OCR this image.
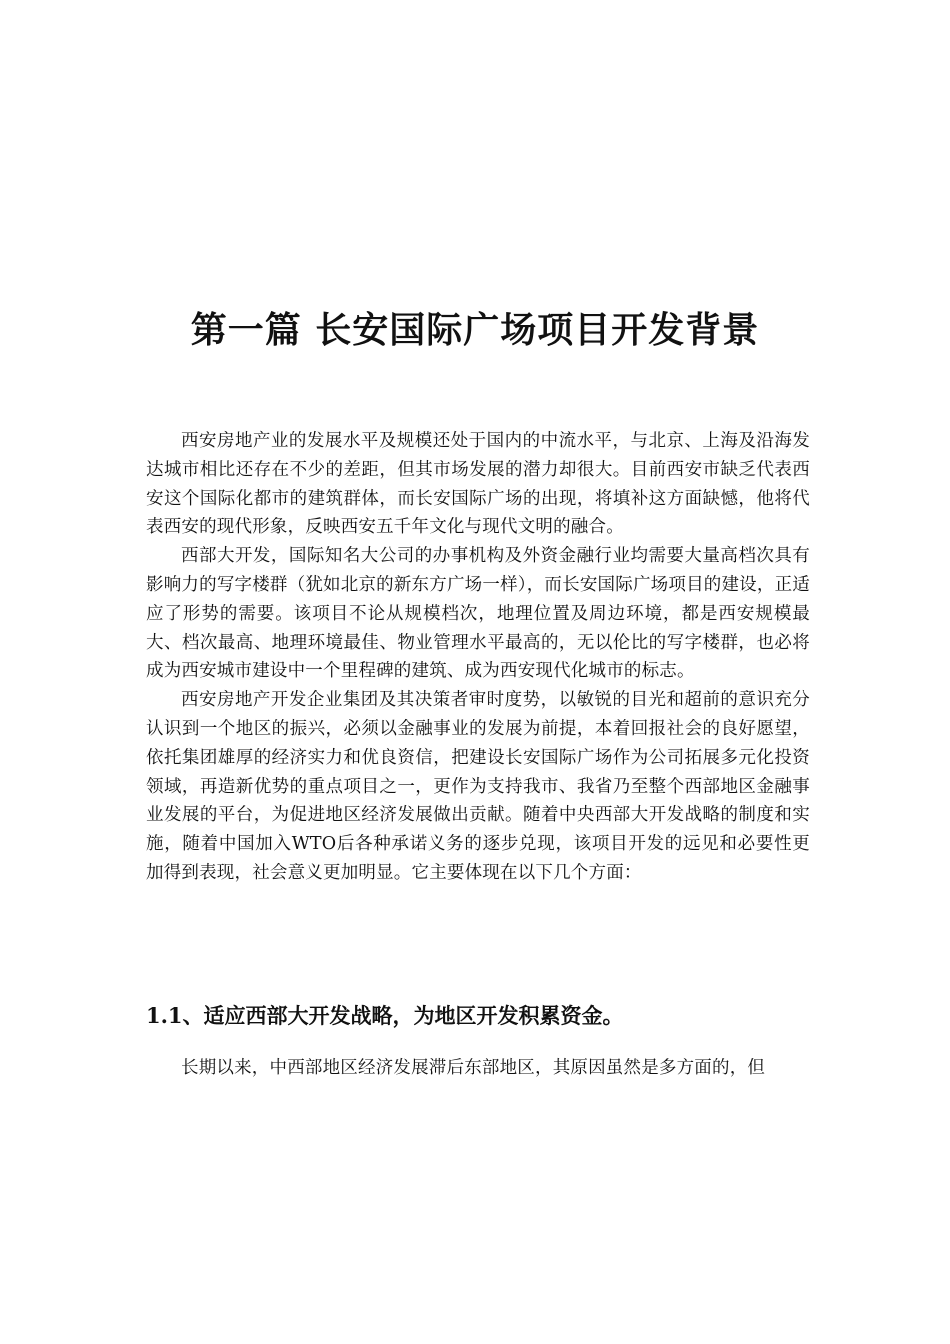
第一篇 长安国际广场项目开发背景

西安房地产业的发展水平及规模还处于国内的中流水平，与北京、上海及沿海发达城市相比还存在不少的差距，但其市场发展的潜力却很大。目前西安市缺乏代表西安这个国际化都市的建筑群体，而长安国际广场的出现，将填补这方面缺憾，他将代表西安的现代形象，反映西安五千年文化与现代文明的融合。

西部大开发，国际知名大公司的办事机构及外资金融行业均需要大量高档次具有影响力的写字楼群（犹如北京的新东方广场一样），而长安国际广场项目的建设，正适应了形势的需要。该项目不论从规模档次，地理位置及周边环境，都是西安规模最大、档次最高、地理环境最佳、物业管理水平最高的，无以伦比的写字楼群，也必将成为西安城市建设中一个里程碑的建筑、成为西安现代化城市的标志。

西安房地产开发企业集团及其决策者审时度势，以敏锐的目光和超前的意识充分认识到一个地区的振兴，必须以金融事业的发展为前提，本着回报社会的良好愿望，依托集团雄厚的经济实力和优良资信，把建设长安国际广场作为公司拓展多元化投资领域，再造新优势的重点项目之一，更作为支持我市、我省乃至整个西部地区金融事业发展的平台，为促进地区经济发展做出贡献。随着中央西部大开发战略的制度和实施，随着中国加入WTO后各种承诺义务的逐步兑现，该项目开发的远见和必要性更加得到表现，社会意义更加明显。它主要体现在以下几个方面：

1.1、适应西部大开发战略，为地区开发积累资金。

长期以来，中西部地区经济发展滞后东部地区，其原因虽然是多方面的，但
